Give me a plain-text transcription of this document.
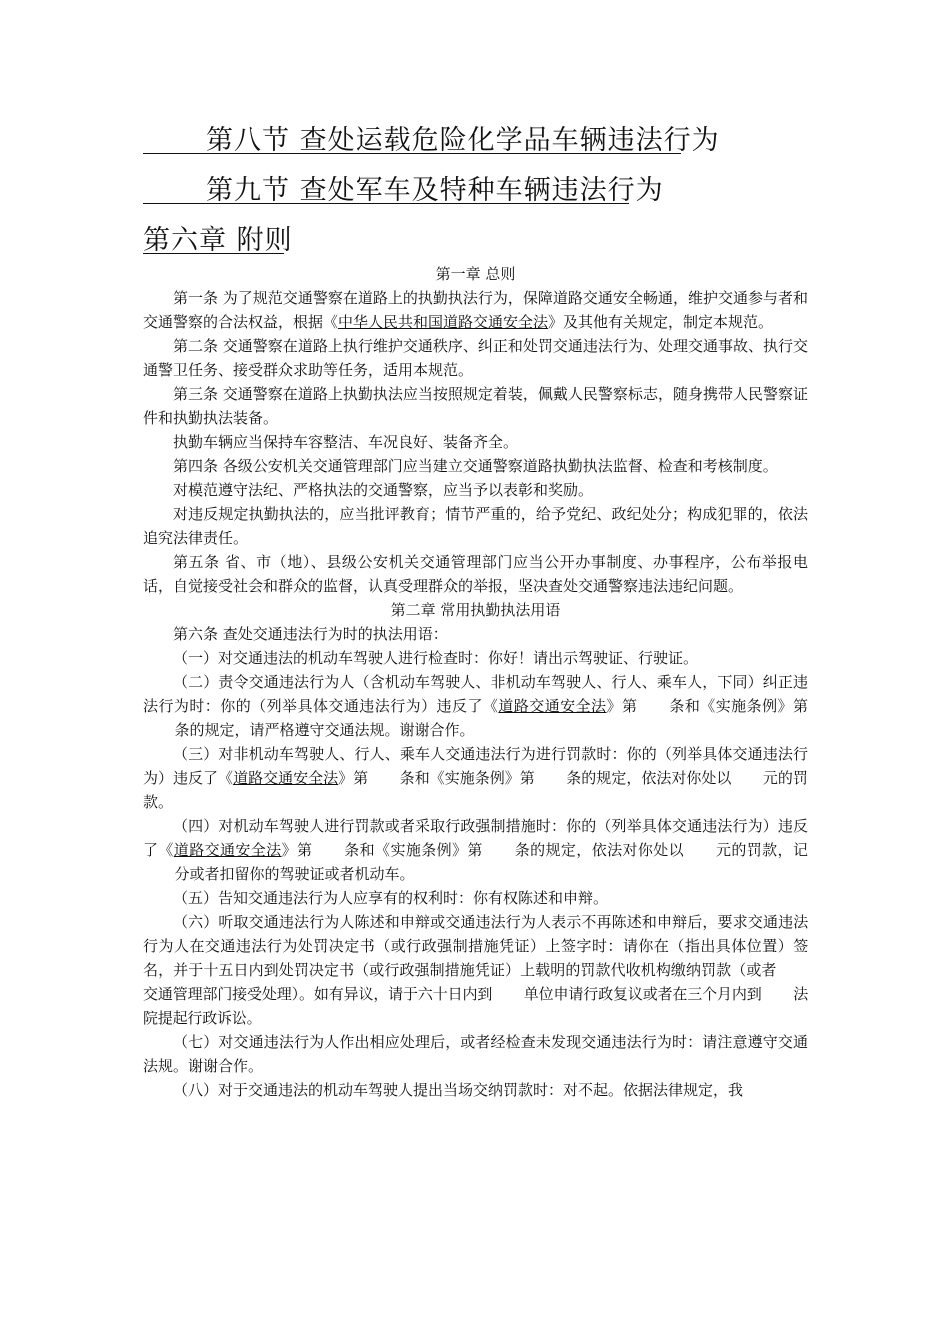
第八节 查处运载危险化学品车辆违法行为
第九节 查处军车及特种车辆违法行为
第六章 附则
第一章 总则

第一条 为了规范交通警察在道路上的执勤执法行为，保障道路交通安全畅通，维护交通参与者和交通警察的合法权益，根据《中华人民共和国道路交通安全法》及其他有关规定，制定本规范。

第二条 交通警察在道路上执行维护交通秩序、纠正和处罚交通违法行为、处理交通事故、执行交通警卫任务、接受群众求助等任务，适用本规范。

第三条 交通警察在道路上执勤执法应当按照规定着装，佩戴人民警察标志，随身携带人民警察证件和执勤执法装备。

执勤车辆应当保持车容整洁、车况良好、装备齐全。

第四条 各级公安机关交通管理部门应当建立交通警察道路执勤执法监督、检查和考核制度。

对模范遵守法纪、严格执法的交通警察，应当予以表彰和奖励。

对违反规定执勤执法的，应当批评教育；情节严重的，给予党纪、政纪处分；构成犯罪的，依法追究法律责任。

第五条 省、市（地）、县级公安机关交通管理部门应当公开办事制度、办事程序，公布举报电话，自觉接受社会和群众的监督，认真受理群众的举报，坚决查处交通警察违法违纪问题。

第二章 常用执勤执法用语

第六条 查处交通违法行为时的执法用语：

（一）对交通违法的机动车驾驶人进行检查时：你好！请出示驾驶证、行驶证。

（二）责令交通违法行为人（含机动车驾驶人、非机动车驾驶人、行人、乘车人，下同）纠正违法行为时：你的（列举具体交通违法行为）违反了《道路交通安全法》第 条和《实施条例》第条的规定，请严格遵守交通法规。谢谢合作。

（三）对非机动车驾驶人、行人、乘车人交通违法行为进行罚款时：你的（列举具体交通违法行为）违反了《道路交通安全法》第 条和《实施条例》第 条的规定，依法对你处以 元的罚款。

（四）对机动车驾驶人进行罚款或者采取行政强制措施时：你的（列举具体交通违法行为）违反了《道路交通安全法》第 条和《实施条例》第 条的规定，依法对你处以 元的罚款，记分或者扣留你的驾驶证或者机动车。

（五）告知交通违法行为人应享有的权利时：你有权陈述和申辩。

（六）听取交通违法行为人陈述和申辩或交通违法行为人表示不再陈述和申辩后，要求交通违法行为人在交通违法行为处罚决定书（或行政强制措施凭证）上签字时：请你在（指出具体位置）签名，并于十五日内到处罚决定书（或行政强制措施凭证）上载明的罚款代收机构缴纳罚款（或者交通管理部门接受处理）。如有异议，请于六十日内到 单位申请行政复议或者在三个月内到 法院提起行政诉讼。

（七）对交通违法行为人作出相应处理后，或者经检查未发现交通违法行为时：请注意遵守交通法规。谢谢合作。

（八）对于交通违法的机动车驾驶人提出当场交纳罚款时：对不起。依据法律规定，我
